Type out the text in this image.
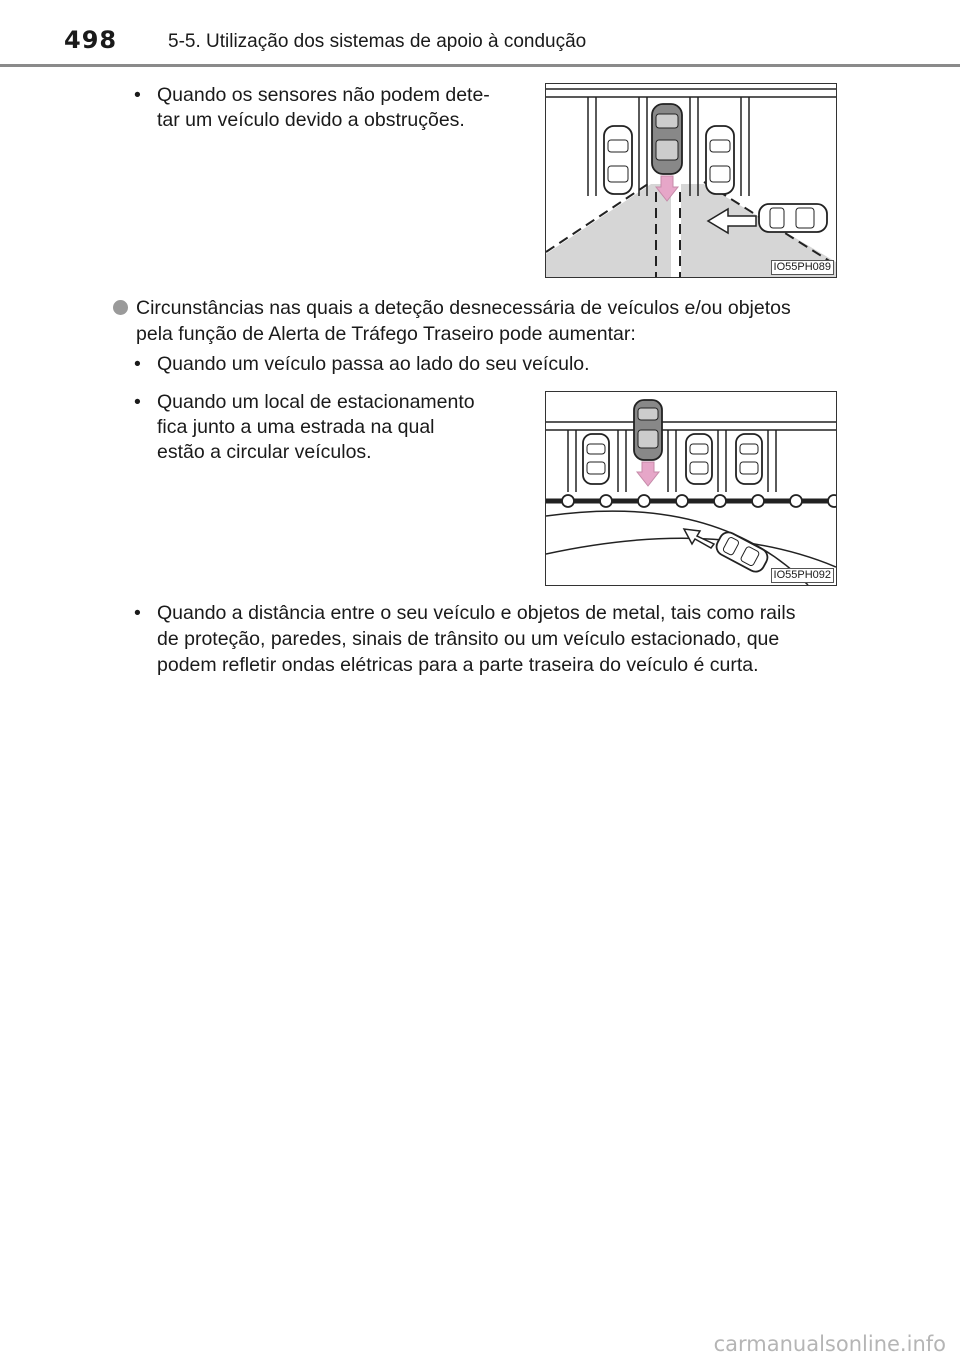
498	5-5. Utilização dos sistemas de apoio à condução
• Quando os sensores não podem dete-
tar um veículo devido a obstruções.
IO55PH089
Circunstâncias nas quais a deteção desnecessária de veículos e/ou objetos
pela função de Alerta de Tráfego Traseiro pode aumentar:
• Quando um veículo passa ao lado do seu veículo.
• Quando um local de estacionamento
fica junto a uma estrada na qual
estão a circular veículos.
IO55PH092
• Quando a distância entre o seu veículo e objetos de metal, tais como rails
de proteção, paredes, sinais de trânsito ou um veículo estacionado, que
podem refletir ondas elétricas para a parte traseira do veículo é curta.
carmanualsonline.info
